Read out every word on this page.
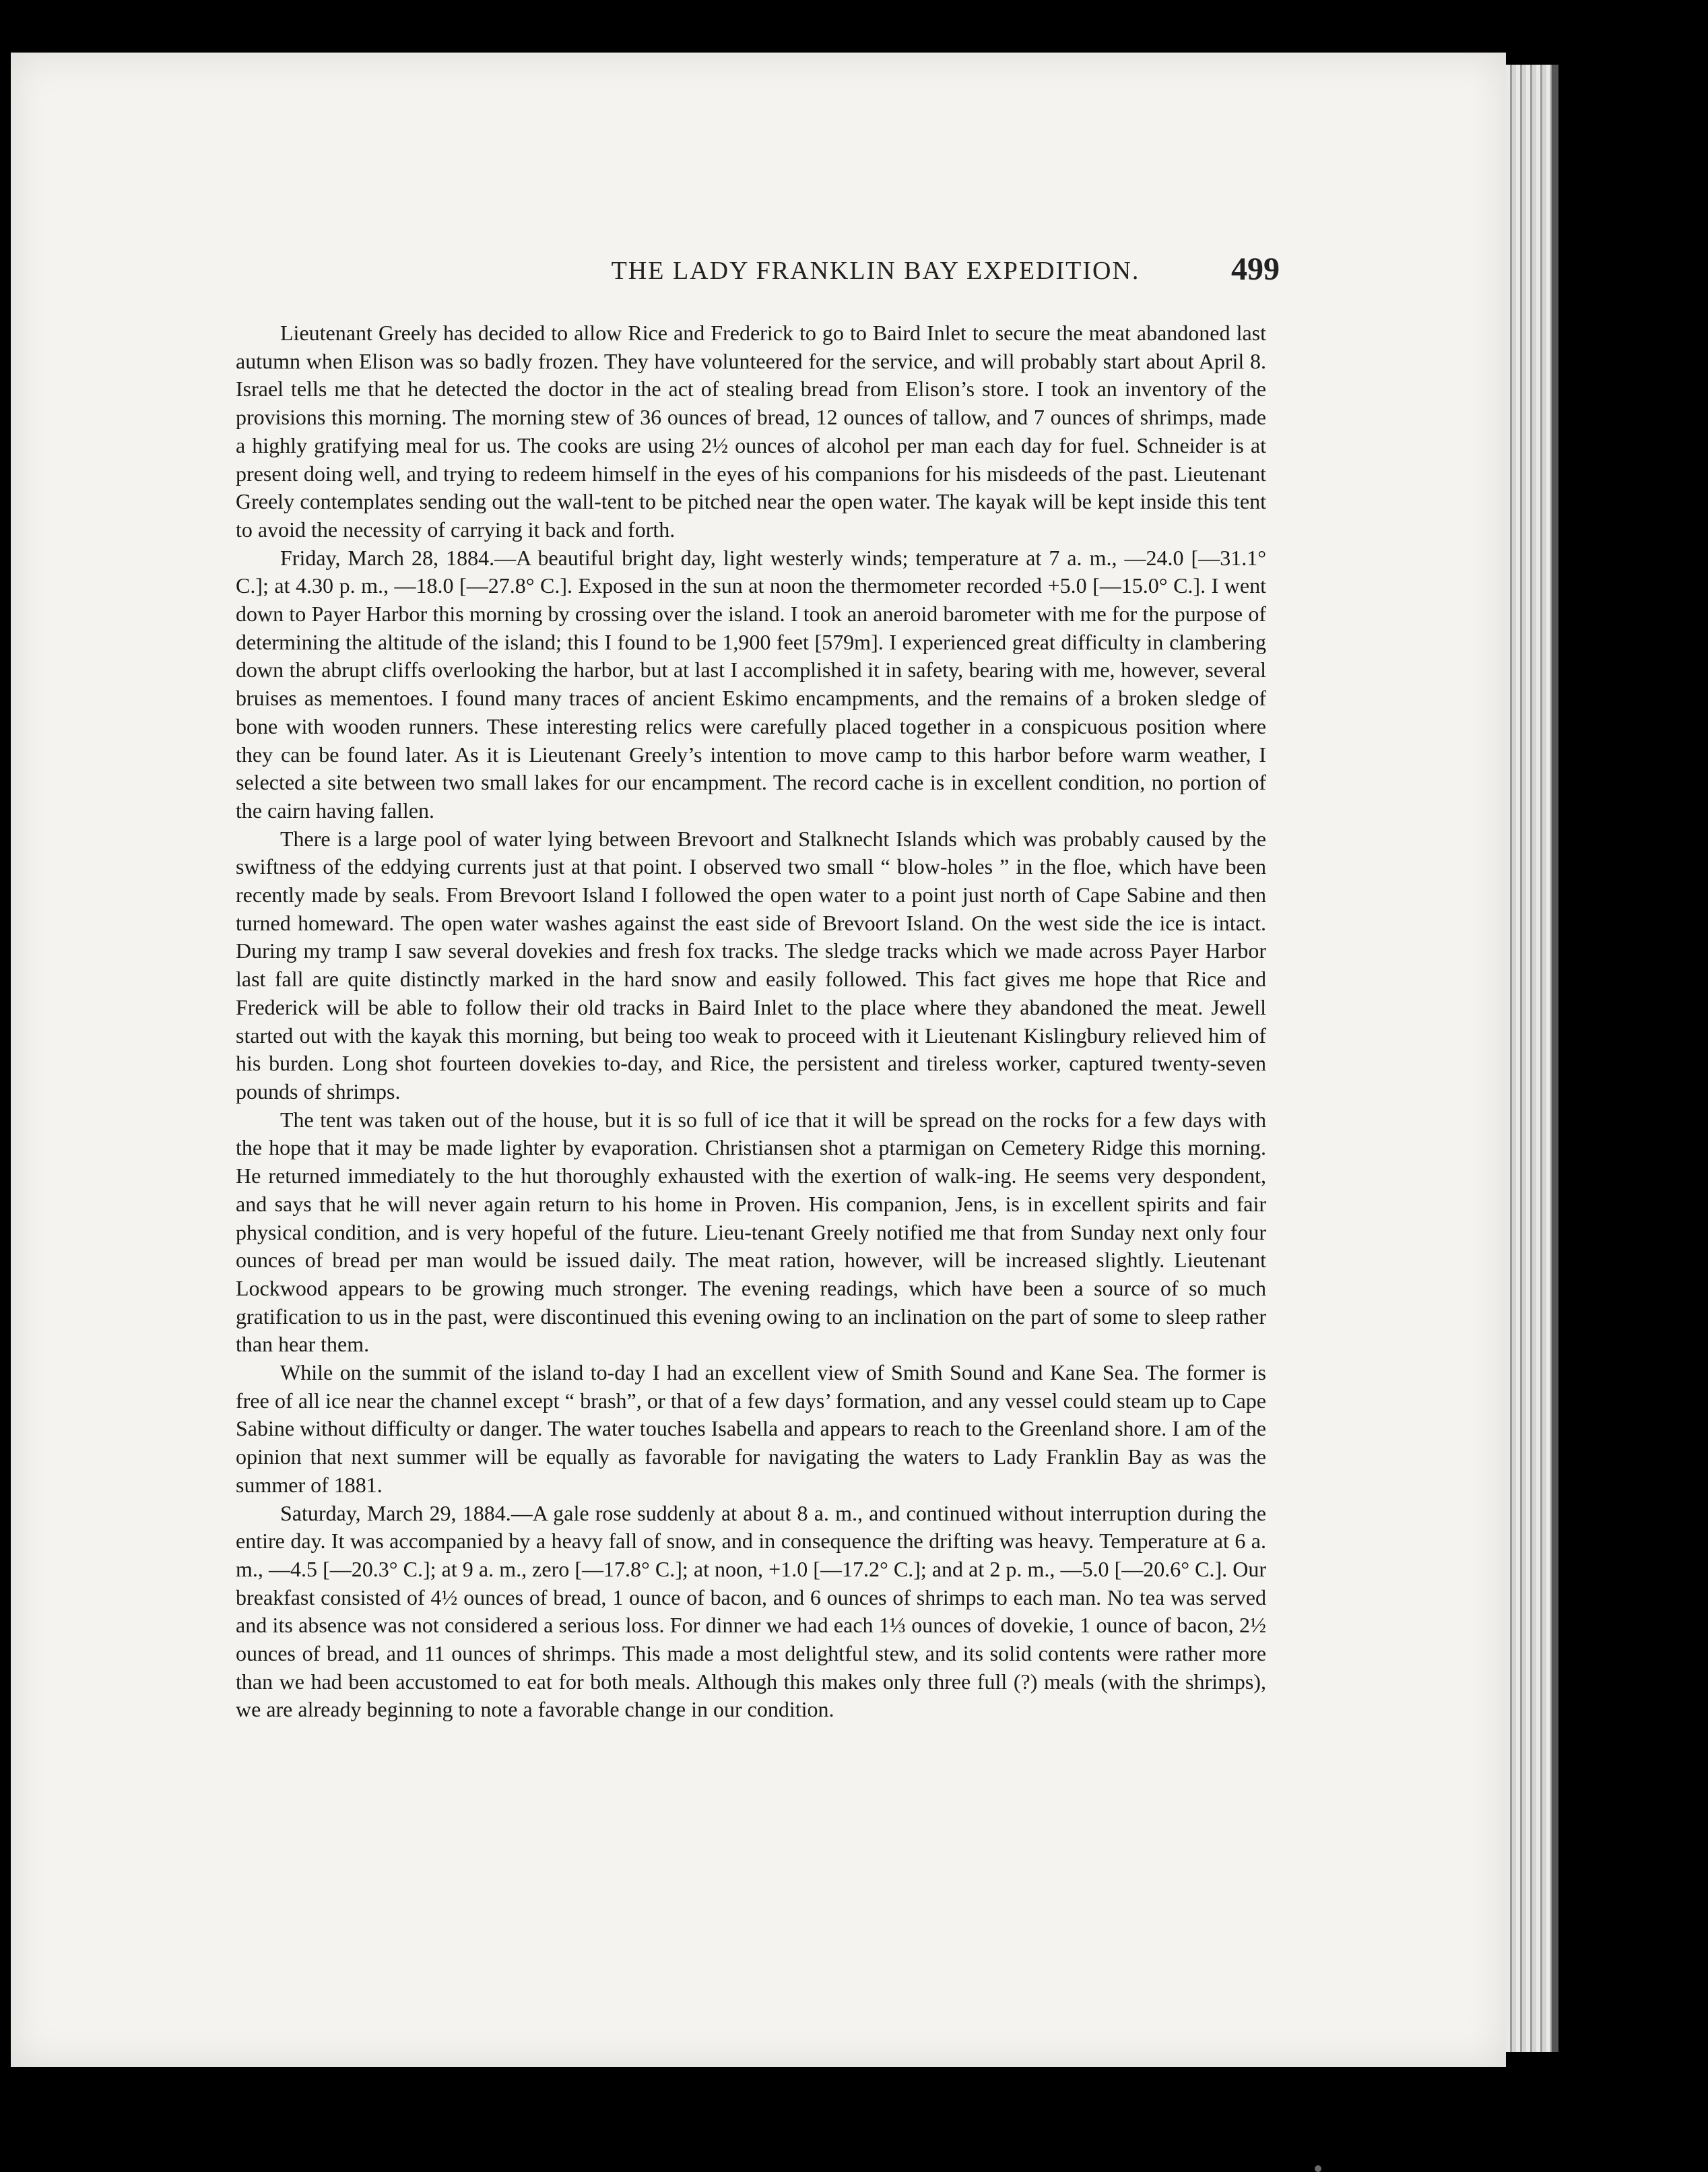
THE LADY FRANKLIN BAY EXPEDITION.	499

Lieutenant Greely has decided to allow Rice and Frederick to go to Baird Inlet to secure the meat abandoned last autumn when Elison was so badly frozen. They have volunteered for the service, and will probably start about April 8. Israel tells me that he detected the doctor in the act of stealing bread from Elison’s store. I took an inventory of the provisions this morning. The morning stew of 36 ounces of bread, 12 ounces of tallow, and 7 ounces of shrimps, made a highly gratifying meal for us. The cooks are using 2½ ounces of alcohol per man each day for fuel. Schneider is at present doing well, and trying to redeem himself in the eyes of his companions for his misdeeds of the past. Lieutenant Greely contemplates sending out the wall-tent to be pitched near the open water. The kayak will be kept inside this tent to avoid the necessity of carrying it back and forth.

Friday, March 28, 1884.—A beautiful bright day, light westerly winds; temperature at 7 a. m., —24.0 [—31.1° C.]; at 4.30 p. m., —18.0 [—27.8° C.]. Exposed in the sun at noon the thermometer recorded +5.0 [—15.0° C.]. I went down to Payer Harbor this morning by crossing over the island. I took an aneroid barometer with me for the purpose of determining the altitude of the island; this I found to be 1,900 feet [579m]. I experienced great difficulty in clambering down the abrupt cliffs overlooking the harbor, but at last I accomplished it in safety, bearing with me, however, several bruises as mementoes. I found many traces of ancient Eskimo encampments, and the remains of a broken sledge of bone with wooden runners. These interesting relics were carefully placed together in a conspicuous position where they can be found later. As it is Lieutenant Greely’s intention to move camp to this harbor before warm weather, I selected a site between two small lakes for our encampment. The record cache is in excellent condition, no portion of the cairn having fallen.

There is a large pool of water lying between Brevoort and Stalknecht Islands which was probably caused by the swiftness of the eddying currents just at that point. I observed two small “ blow-holes ” in the floe, which have been recently made by seals. From Brevoort Island I followed the open water to a point just north of Cape Sabine and then turned homeward. The open water washes against the east side of Brevoort Island. On the west side the ice is intact. During my tramp I saw several dovekies and fresh fox tracks. The sledge tracks which we made across Payer Harbor last fall are quite distinctly marked in the hard snow and easily followed. This fact gives me hope that Rice and Frederick will be able to follow their old tracks in Baird Inlet to the place where they abandoned the meat. Jewell started out with the kayak this morning, but being too weak to proceed with it Lieutenant Kislingbury relieved him of his burden. Long shot fourteen dovekies to-day, and Rice, the persistent and tireless worker, captured twenty-seven pounds of shrimps.

The tent was taken out of the house, but it is so full of ice that it will be spread on the rocks for a few days with the hope that it may be made lighter by evaporation. Christiansen shot a ptarmigan on Cemetery Ridge this morning. He returned immediately to the hut thoroughly exhausted with the exertion of walk-ing. He seems very despondent, and says that he will never again return to his home in Proven. His companion, Jens, is in excellent spirits and fair physical condition, and is very hopeful of the future. Lieu-tenant Greely notified me that from Sunday next only four ounces of bread per man would be issued daily. The meat ration, however, will be increased slightly. Lieutenant Lockwood appears to be growing much stronger. The evening readings, which have been a source of so much gratification to us in the past, were discontinued this evening owing to an inclination on the part of some to sleep rather than hear them.

While on the summit of the island to-day I had an excellent view of Smith Sound and Kane Sea. The former is free of all ice near the channel except “ brash”, or that of a few days’ formation, and any vessel could steam up to Cape Sabine without difficulty or danger. The water touches Isabella and appears to reach to the Greenland shore. I am of the opinion that next summer will be equally as favorable for navigating the waters to Lady Franklin Bay as was the summer of 1881.

Saturday, March 29, 1884.—A gale rose suddenly at about 8 a. m., and continued without interruption during the entire day. It was accompanied by a heavy fall of snow, and in consequence the drifting was heavy. Temperature at 6 a. m., —4.5 [—20.3° C.]; at 9 a. m., zero [—17.8° C.]; at noon, +1.0 [—17.2° C.]; and at 2 p. m., —5.0 [—20.6° C.]. Our breakfast consisted of 4½ ounces of bread, 1 ounce of bacon, and 6 ounces of shrimps to each man. No tea was served and its absence was not considered a serious loss. For dinner we had each 1⅓ ounces of dovekie, 1 ounce of bacon, 2½ ounces of bread, and 11 ounces of shrimps. This made a most delightful stew, and its solid contents were rather more than we had been accustomed to eat for both meals. Although this makes only three full (?) meals (with the shrimps), we are already beginning to note a favorable change in our condition.
